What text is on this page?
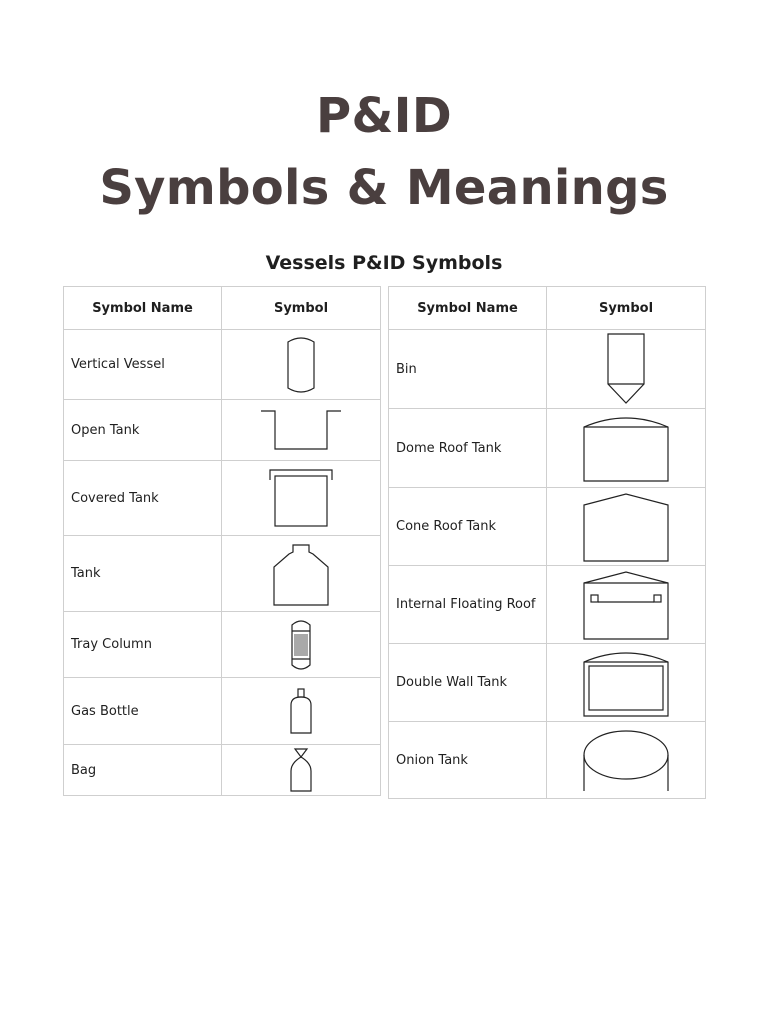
P&ID
Symbols & Meanings
Vessels P&ID Symbols
Symbol Name	Symbol
Vertical Vessel	

Open Tank	

Covered Tank	

Tank	

Tray Column	

Gas Bottle	

Bag	
Symbol Name	Symbol
Bin	

Dome Roof Tank	

Cone Roof Tank	

Internal Floating Roof	

Double Wall Tank	

Onion Tank	
